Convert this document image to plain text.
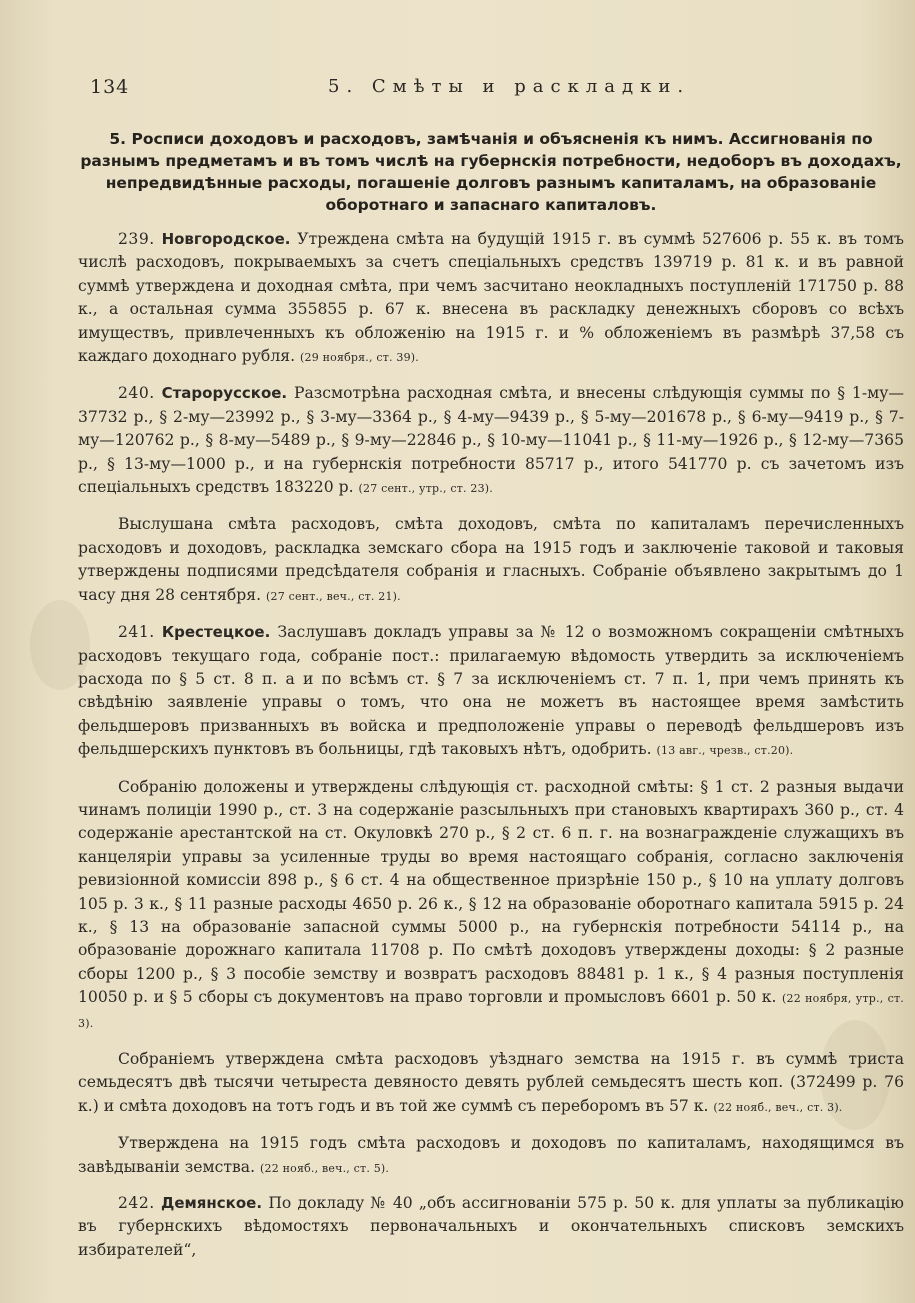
134	5. Смѣты и раскладки.
5. Росписи доходовъ и расходовъ, замѣчанія и объясненія къ нимъ. Ассигнованія по разнымъ предметамъ и въ томъ числѣ на губернскія потребности, недоборъ въ доходахъ, непредвидѣнные расходы, погашеніе долговъ разнымъ капиталамъ, на образованіе оборотнаго и запаснаго капиталовъ.

239. Новгородское. Утреждена смѣта на будущій 1915 г. въ суммѣ 527606 р. 55 к. въ томъ числѣ расходовъ, покрываемыхъ за счетъ спеціальныхъ средствъ 139719 р. 81 к. и въ равной суммѣ утверждена и доходная смѣта, при чемъ засчитано неокладныхъ поступленій 171750 р. 88 к., а остальная сумма 355855 р. 67 к. внесена въ раскладку денежныхъ сборовъ со всѣхъ имуществъ, привлеченныхъ къ обложенію на 1915 г. и % обложеніемъ въ размѣрѣ 37,58 съ каждаго доходнаго рубля. (29 ноября., ст. 39).

240. Старорусское. Разсмотрѣна расходная смѣта, и внесены слѣдующія суммы по § 1-му—37732 р., § 2-му—23992 р., § 3-му—3364 р., § 4-му—9439 р., § 5-му—201678 р., § 6-му—9419 р., § 7-му—120762 р., § 8-му—5489 р., § 9-му—22846 р., § 10-му—11041 р., § 11-му—1926 р., § 12-му—7365 р., § 13-му—1000 р., и на губернскія потребности 85717 р., итого 541770 р. съ зачетомъ изъ спеціальныхъ средствъ 183220 р. (27 сент., утр., ст. 23).

Выслушана смѣта расходовъ, смѣта доходовъ, смѣта по капиталамъ перечисленныхъ расходовъ и доходовъ, раскладка земскаго сбора на 1915 годъ и заключеніе таковой и таковыя утверждены подписями предсѣдателя собранія и гласныхъ. Собраніе объявлено закрытымъ до 1 часу дня 28 сентября. (27 сент., веч., ст. 21).

241. Крестецкое. Заслушавъ докладъ управы за № 12 о возможномъ сокращеніи смѣтныхъ расходовъ текущаго года, собраніе пост.: прилагаемую вѣдомость утвердить за исключеніемъ расхода по § 5 ст. 8 п. а и по всѣмъ ст. § 7 за исключеніемъ ст. 7 п. 1, при чемъ принять къ свѣдѣнію заявленіе управы о томъ, что она не можетъ въ настоящее время замѣстить фельдшеровъ призванныхъ въ войска и предположеніе управы о переводѣ фельдшеровъ изъ фельдшерскихъ пунктовъ въ больницы, гдѣ таковыхъ нѣтъ, одобрить. (13 авг., чрезв., ст.20).

Собранію доложены и утверждены слѣдующія ст. расходной смѣты: § 1 ст. 2 разныя выдачи чинамъ полиціи 1990 р., ст. 3 на содержаніе разсыльныхъ при становыхъ квартирахъ 360 р., ст. 4 содержаніе арестантской на ст. Окуловкѣ 270 р., § 2 ст. 6 п. г. на вознагражденіе служащихъ въ канцеляріи управы за усиленные труды во время настоящаго собранія, согласно заключенія ревизіонной комиссіи 898 р., § 6 ст. 4 на общественное призрѣніе 150 р., § 10 на уплату долговъ 105 р. 3 к., § 11 разные расходы 4650 р. 26 к., § 12 на образованіе оборотнаго капитала 5915 р. 24 к., § 13 на образованіе запасной суммы 5000 р., на губернскія потребности 54114 р., на образованіе дорожнаго капитала 11708 р. По смѣтѣ доходовъ утверждены доходы: § 2 разные сборы 1200 р., § 3 пособіе земству и возвратъ расходовъ 88481 р. 1 к., § 4 разныя поступленія 10050 р. и § 5 сборы съ документовъ на право торговли и промысловъ 6601 р. 50 к. (22 ноября, утр., ст. 3).

Собраніемъ утверждена смѣта расходовъ уѣзднаго земства на 1915 г. въ суммѣ триста семьдесятъ двѣ тысячи четыреста девяносто девять рублей семьдесятъ шесть коп. (372499 р. 76 к.) и смѣта доходовъ на тотъ годъ и въ той же суммѣ съ переборомъ въ 57 к. (22 нояб., веч., ст. 3).

Утверждена на 1915 годъ смѣта расходовъ и доходовъ по капиталамъ, находящимся въ завѣдываніи земства. (22 нояб., веч., ст. 5).

242. Демянское. По докладу № 40 „объ ассигнованіи 575 р. 50 к. для уплаты за публикацію въ губернскихъ вѣдомостяхъ первоначальныхъ и окончательныхъ списковъ земскихъ избирателей“,
